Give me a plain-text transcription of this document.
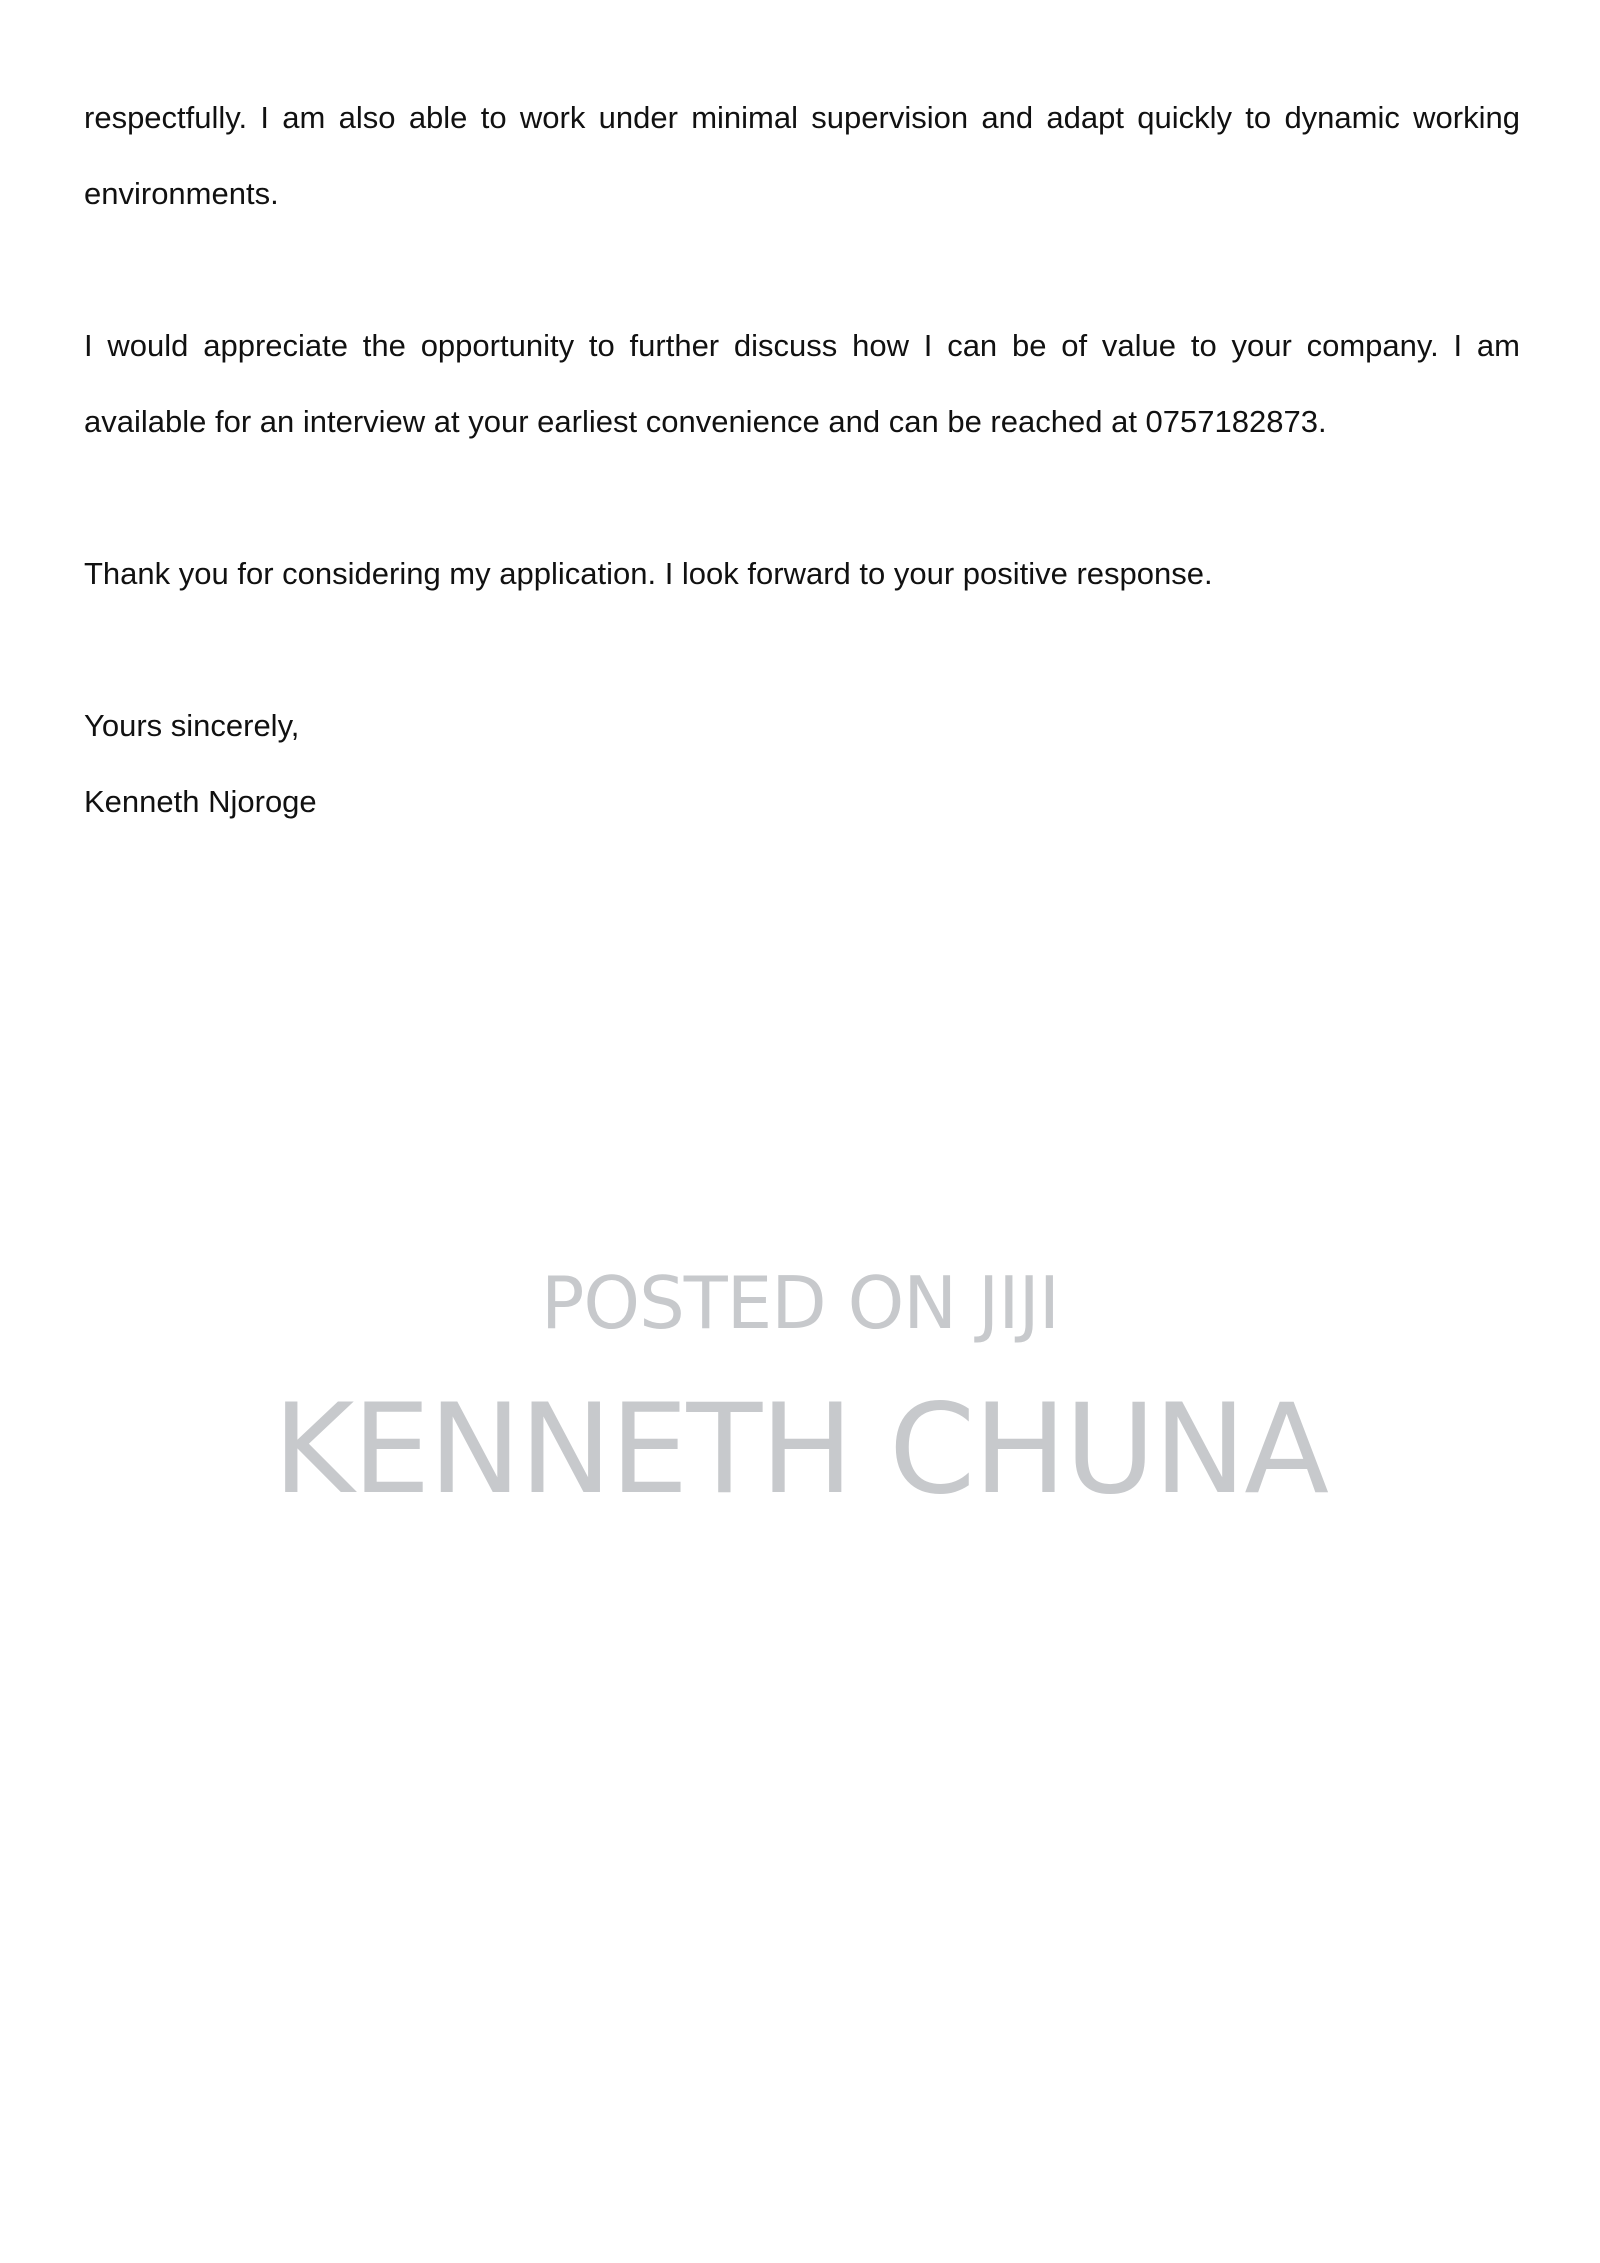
respectfully. I am also able to work under minimal supervision and adapt quickly to dynamic working
environments.
I would appreciate the opportunity to further discuss how I can be of value to your company. I am
available for an interview at your earliest convenience and can be reached at 0757182873.
Thank you for considering my application. I look forward to your positive response.
Yours sincerely,
Kenneth Njoroge
POSTED ON JIJI
KENNETH CHUNA
